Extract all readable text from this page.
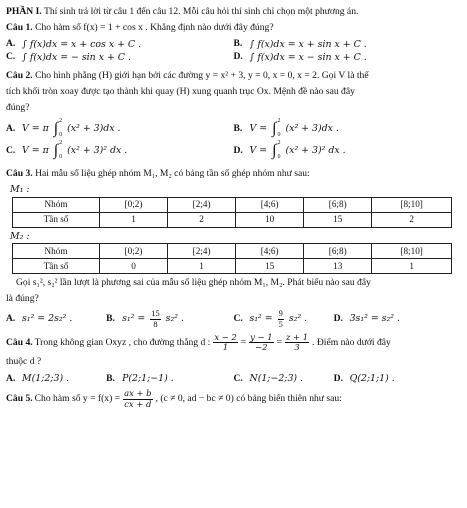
PHẦN I. Thí sinh trả lời từ câu 1 đến câu 12. Mỗi câu hỏi thí sinh chỉ chọn một phương án.
Câu 1. Cho hàm số f(x) = 1 + cos x . Khẳng định nào dưới đây đúng?
A. ∫ f(x)dx = x + cos x + C .	B. ∫ f(x)dx = x + sin x + C .
C. ∫ f(x)dx = − sin x + C .	D. ∫ f(x)dx = x − sin x + C .
Câu 2. Cho hình phẳng (H) giới hạn bởi các đường y = x² + 3, y = 0, x = 0, x = 2. Gọi V là thể
tích khối tròn xoay được tạo thành khi quay (H) xung quanh trục Ox. Mệnh đề nào sau đây
đúng?
A. V = π ∫ 2
0
(x² + 3)dx .	B. V = ∫ 2
0
(x² + 3)dx .
C. V = π ∫ 2
0
(x² + 3)² dx .	D. V = ∫ 2
0
(x² + 3)² dx .
Câu 3. Hai mẫu số liệu ghép nhóm M₁, M₂ có bảng tần số ghép nhóm như sau:
M₁ :
Nhóm	[0;2)	[2;4)	[4;6)	[6;8)	[8;10]
Tần số	1	2	10	15	2
M₂ :
Nhóm	[0;2)	[2;4)	[4;6)	[6;8)	[8;10]
Tần số	0	1	15	13	1
Gọi s₁², s₂² lần lượt là phương sai của mẫu số liệu ghép nhóm M₁, M₂. Phát biểu nào sau đây
là đúng?
A. s₁² = 2s₂² .	B. $s_1^2 = \frac{15}{8} s_2^2$ .	C. $s_1^2 = \frac{9}{5} s_2^2$ .	D. 3s₁² = s₂² .
Câu 4. Trong không gian Oxyz , cho đường thẳng d : $\frac{x - 2}{1} = \frac{y - 1}{-2} = \frac{z + 1}{3}$ . Điểm nào dưới đây
thuộc d ?
A. M(1;2;3) .	B. P(2;1;−1) .	C. N(1;−2;3) .	D. Q(2;1;1) .
Câu 5. Cho hàm số $y = f(x) = \frac{ax + b}{cx + d}$ , (c ≠ 0, ad − bc ≠ 0) có bảng biến thiên như sau:
